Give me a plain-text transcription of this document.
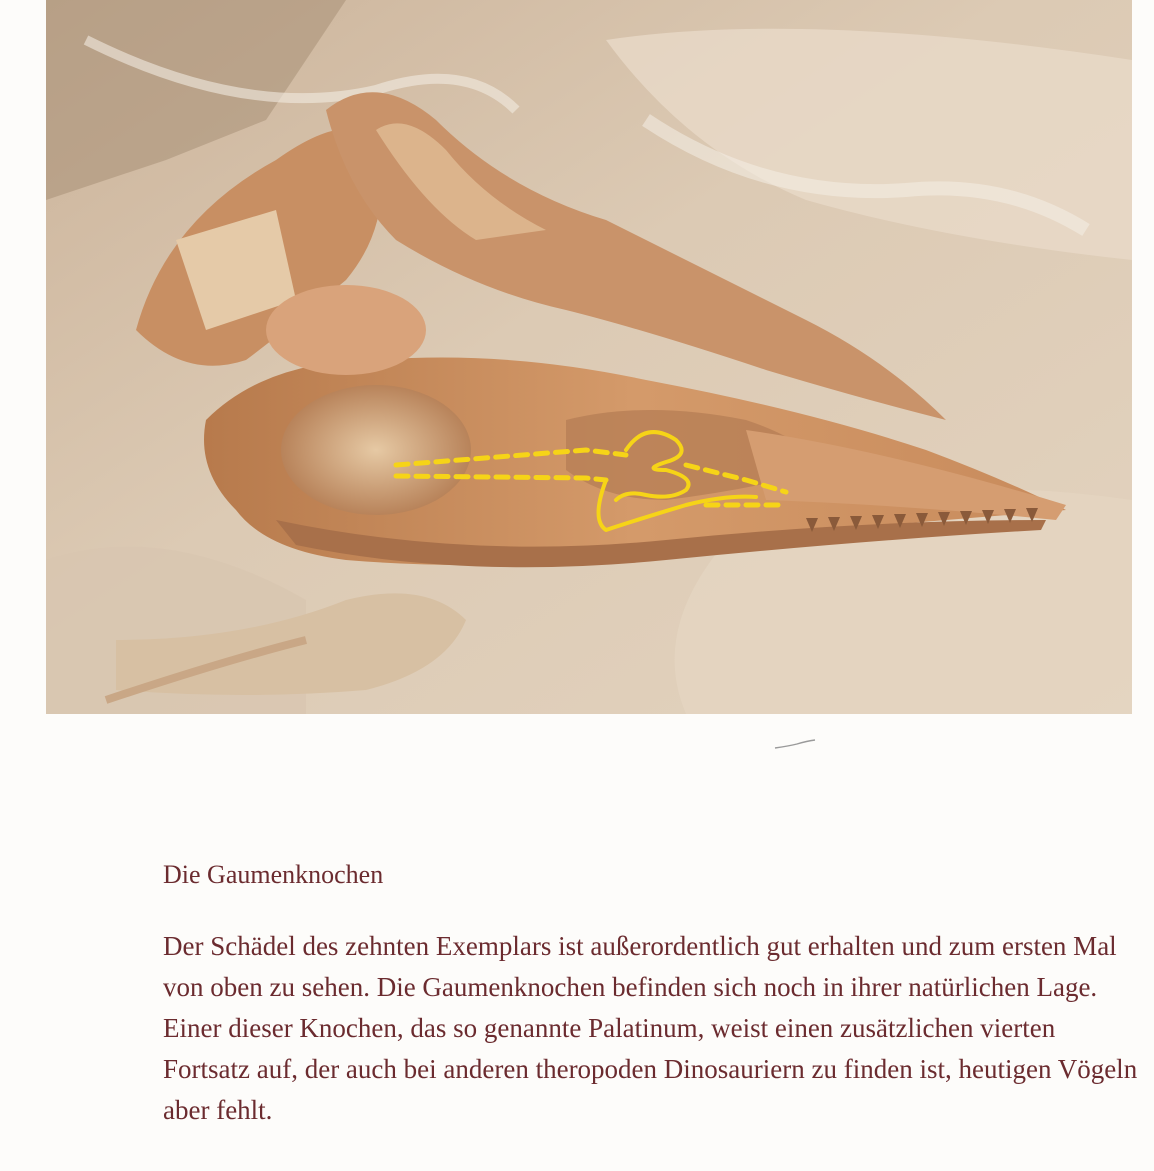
Die Gaumenknochen

Der Schädel des zehnten Exemplars ist außerordentlich gut erhalten und zum ersten Mal von oben zu sehen. Die Gaumenknochen befinden sich noch in ihrer natürlichen Lage. Einer dieser Knochen, das so genannte Palatinum, weist einen zusätzlichen vierten Fortsatz auf, der auch bei anderen theropoden Dinosauriern zu finden ist, heutigen Vögeln aber fehlt.
